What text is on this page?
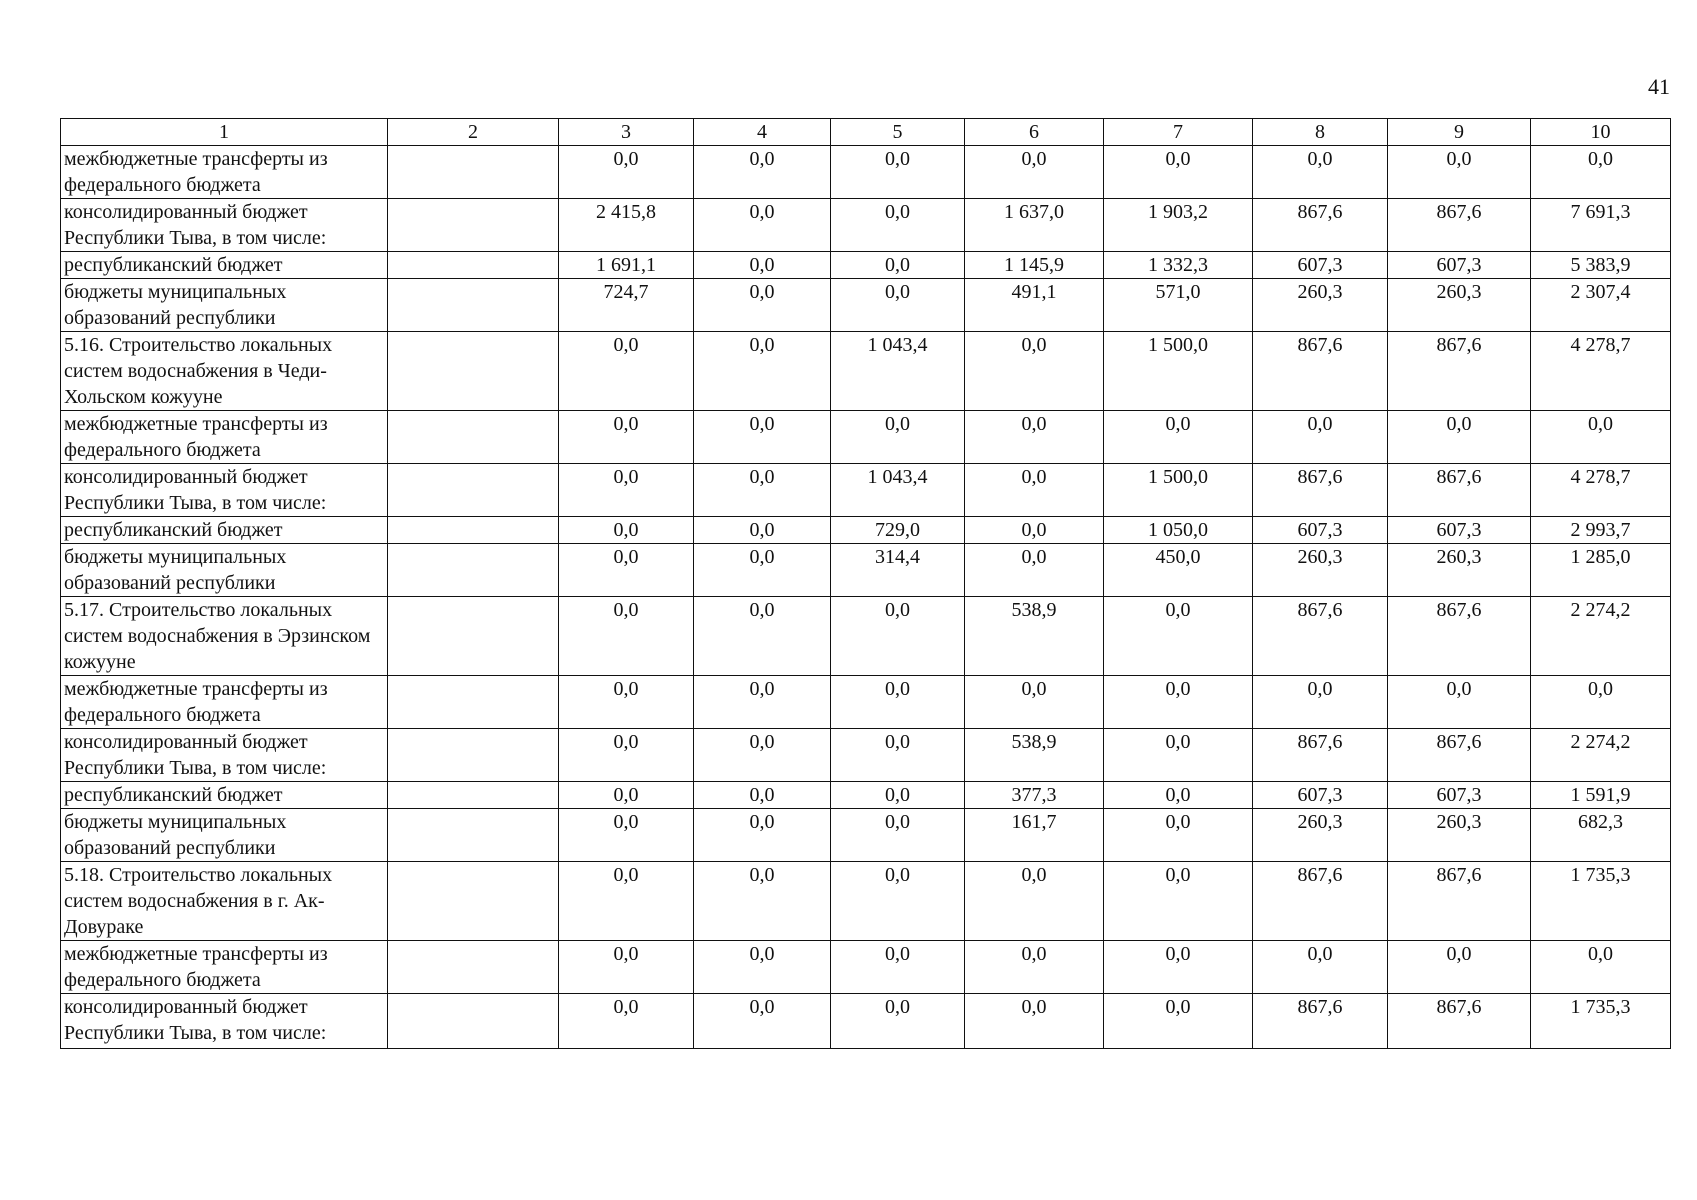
41
1	2	3	4	5	6	7	8	9	10
межбюджетные трансферты из федерального бюджета		0,0	0,0	0,0	0,0	0,0	0,0	0,0	0,0
консолидированный бюджет Республики Тыва, в том числе:		2 415,8	0,0	0,0	1 637,0	1 903,2	867,6	867,6	7 691,3
республиканский бюджет		1 691,1	0,0	0,0	1 145,9	1 332,3	607,3	607,3	5 383,9
бюджеты муниципальных образований республики		724,7	0,0	0,0	491,1	571,0	260,3	260,3	2 307,4
5.16. Строительство локальных систем водоснабжения в Чеди-Хольском кожууне		0,0	0,0	1 043,4	0,0	1 500,0	867,6	867,6	4 278,7
межбюджетные трансферты из федерального бюджета		0,0	0,0	0,0	0,0	0,0	0,0	0,0	0,0
консолидированный бюджет Республики Тыва, в том числе:		0,0	0,0	1 043,4	0,0	1 500,0	867,6	867,6	4 278,7
республиканский бюджет		0,0	0,0	729,0	0,0	1 050,0	607,3	607,3	2 993,7
бюджеты муниципальных образований республики		0,0	0,0	314,4	0,0	450,0	260,3	260,3	1 285,0
5.17. Строительство локальных систем водоснабжения в Эрзинском кожууне		0,0	0,0	0,0	538,9	0,0	867,6	867,6	2 274,2
межбюджетные трансферты из федерального бюджета		0,0	0,0	0,0	0,0	0,0	0,0	0,0	0,0
консолидированный бюджет Республики Тыва, в том числе:		0,0	0,0	0,0	538,9	0,0	867,6	867,6	2 274,2
республиканский бюджет		0,0	0,0	0,0	377,3	0,0	607,3	607,3	1 591,9
бюджеты муниципальных образований республики		0,0	0,0	0,0	161,7	0,0	260,3	260,3	682,3
5.18. Строительство локальных систем водоснабжения в г. Ак-Довураке		0,0	0,0	0,0	0,0	0,0	867,6	867,6	1 735,3
межбюджетные трансферты из федерального бюджета		0,0	0,0	0,0	0,0	0,0	0,0	0,0	0,0
консолидированный бюджет Республики Тыва, в том числе:		0,0	0,0	0,0	0,0	0,0	867,6	867,6	1 735,3
